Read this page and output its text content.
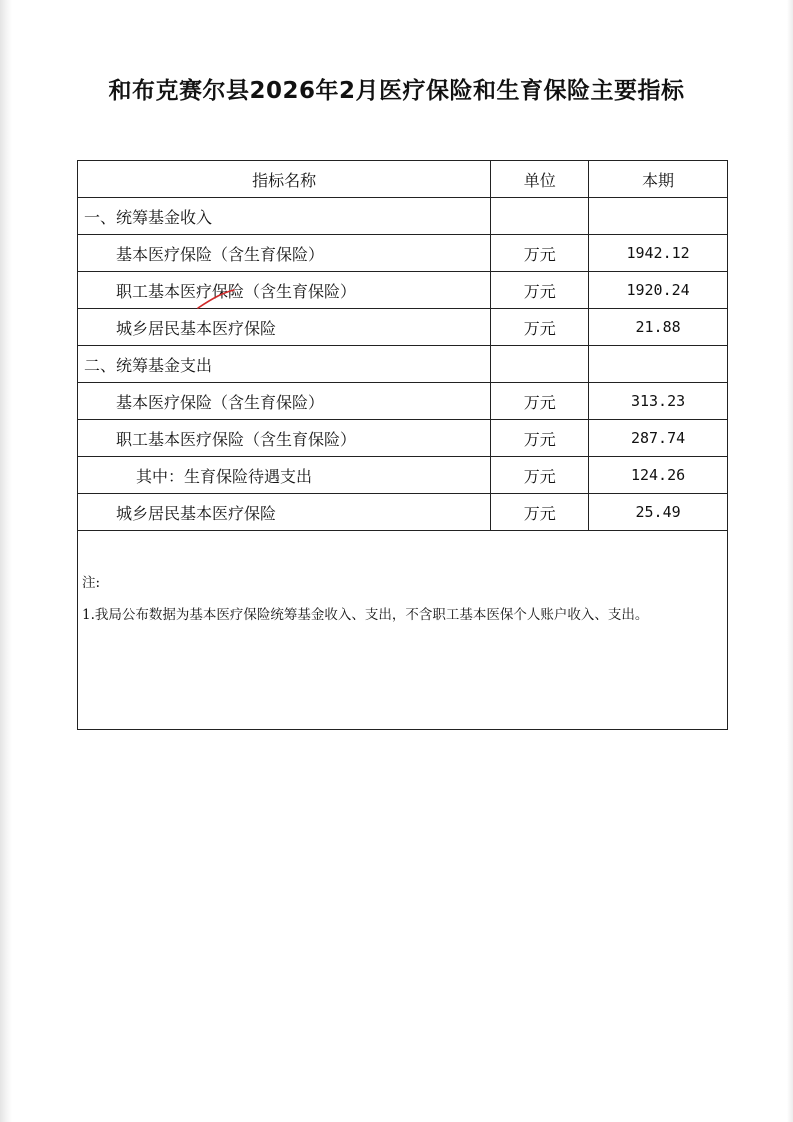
和布克赛尔县2026年2月医疗保险和生育保险主要指标
指标名称	单位	本期
一、统筹基金收入		
基本医疗保险（含生育保险）	万元	1942.12
职工基本医疗保险（含生育保险）	万元	1920.24
城乡居民基本医疗保险	万元	21.88
二、统筹基金支出		
基本医疗保险（含生育保险）	万元	313.23
职工基本医疗保险（含生育保险）	万元	287.74
其中：生育保险待遇支出	万元	124.26
城乡居民基本医疗保险	万元	25.49

注:
1.我局公布数据为基本医疗保险统筹基金收入、支出，不含职工基本医保个人账户收入、支出。		
